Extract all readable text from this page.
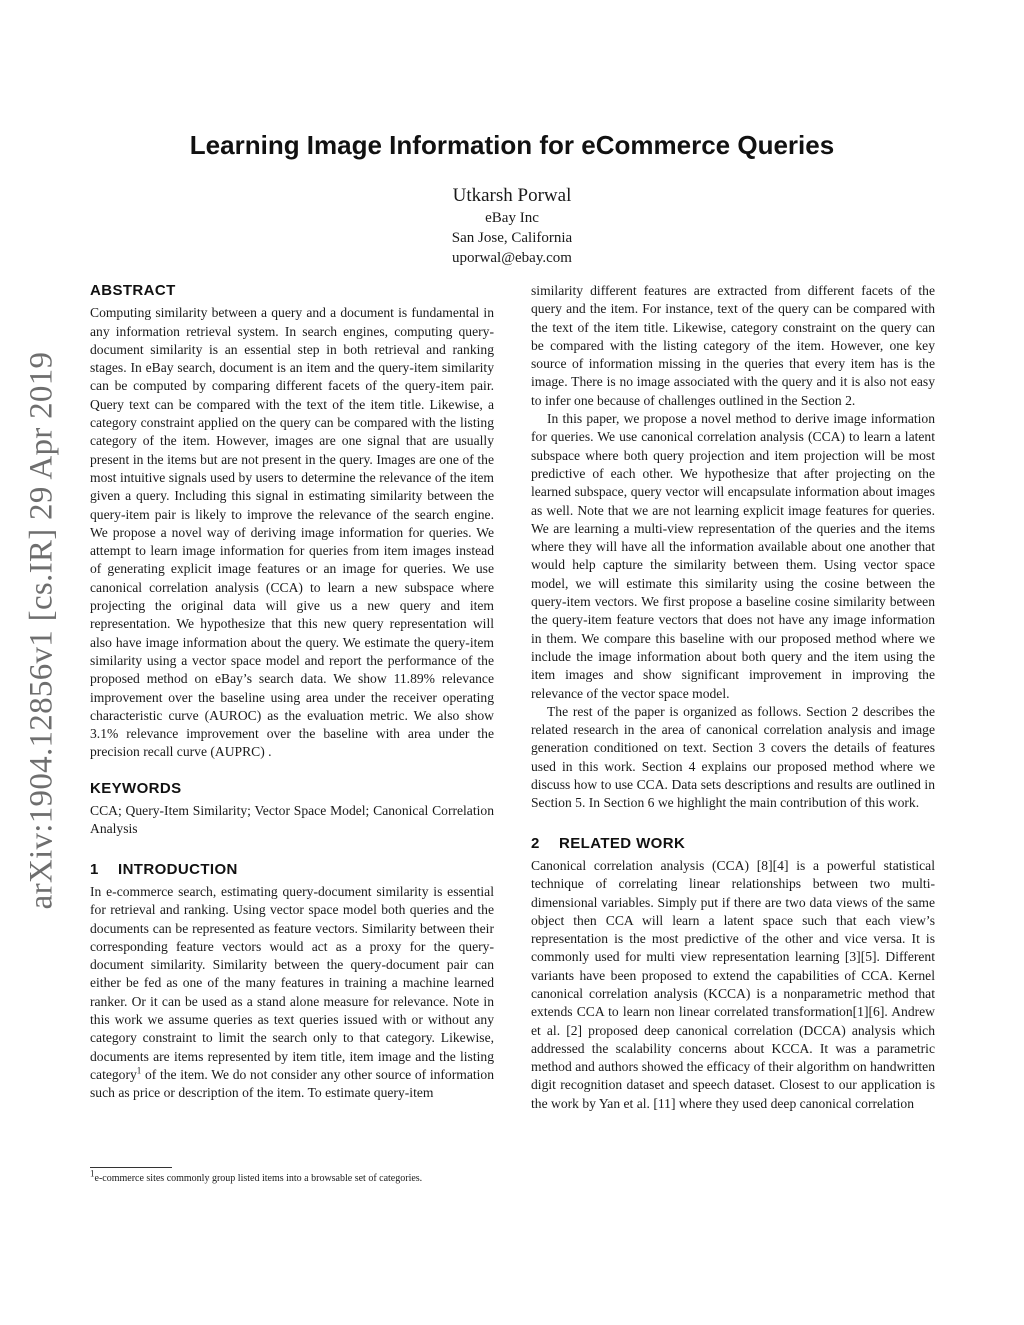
arXiv:1904.12856v1 [cs.IR] 29 Apr 2019
Learning Image Information for eCommerce Queries
Utkarsh Porwal
eBay Inc
San Jose, California
uporwal@ebay.com
ABSTRACT

Computing similarity between a query and a document is fundamental in any information retrieval system. In search engines, computing query-document similarity is an essential step in both retrieval and ranking stages. In eBay search, document is an item and the query-item similarity can be computed by comparing different facets of the query-item pair. Query text can be compared with the text of the item title. Likewise, a category constraint applied on the query can be compared with the listing category of the item. However, images are one signal that are usually present in the items but are not present in the query. Images are one of the most intuitive signals used by users to determine the relevance of the item given a query. Including this signal in estimating similarity between the query-item pair is likely to improve the relevance of the search engine. We propose a novel way of deriving image information for queries. We attempt to learn image information for queries from item images instead of generating explicit image features or an image for queries. We use canonical correlation analysis (CCA) to learn a new subspace where projecting the original data will give us a new query and item representation. We hypothesize that this new query representation will also have image information about the query. We estimate the query-item similarity using a vector space model and report the performance of the proposed method on eBay’s search data. We show 11.89% relevance improvement over the baseline using area under the receiver operating characteristic curve (AUROC) as the evaluation metric. We also show 3.1% relevance improvement over the baseline with area under the precision recall curve (AUPRC) .

KEYWORDS

CCA; Query-Item Similarity; Vector Space Model; Canonical Correlation Analysis

1 INTRODUCTION

In e-commerce search, estimating query-document similarity is essential for retrieval and ranking. Using vector space model both queries and the documents can be represented as feature vectors. Similarity between their corresponding feature vectors would act as a proxy for the query-document similarity. Similarity between the query-document pair can either be fed as one of the many features in training a machine learned ranker. Or it can be used as a stand alone measure for relevance. Note in this work we assume queries as text queries issued with or without any category constraint to limit the search only to that category. Likewise, documents are items represented by item title, item image and the listing category$^1$ of the item. We do not consider any other source of information such as price or description of the item. To estimate query-item

$^1$e-commerce sites commonly group listed items into a browsable set of categories.

similarity different features are extracted from different facets of the query and the item. For instance, text of the query can be compared with the text of the item title. Likewise, category constraint on the query can be compared with the listing category of the item. However, one key source of information missing in the queries that every item has is the image. There is no image associated with the query and it is also not easy to infer one because of challenges outlined in the Section 2.

In this paper, we propose a novel method to derive image information for queries. We use canonical correlation analysis (CCA) to learn a latent subspace where both query projection and item projection will be most predictive of each other. We hypothesize that after projecting on the learned subspace, query vector will encapsulate information about images as well. Note that we are not learning explicit image features for queries. We are learning a multi-view representation of the queries and the items where they will have all the information available about one another that would help capture the similarity between them. Using vector space model, we will estimate this similarity using the cosine between the query-item vectors. We first propose a baseline cosine similarity between the query-item feature vectors that does not have any image information in them. We compare this baseline with our proposed method where we include the image information about both query and the item using the item images and show significant improvement in improving the relevance of the vector space model.

The rest of the paper is organized as follows. Section 2 describes the related research in the area of canonical correlation analysis and image generation conditioned on text. Section 3 covers the details of features used in this work. Section 4 explains our proposed method where we discuss how to use CCA. Data sets descriptions and results are outlined in Section 5. In Section 6 we highlight the main contribution of this work.

2 RELATED WORK

Canonical correlation analysis (CCA) [8][4] is a powerful statistical technique of correlating linear relationships between two multi-dimensional variables. Simply put if there are two data views of the same object then CCA will learn a latent space such that each view’s representation is the most predictive of the other and vice versa. It is commonly used for multi view representation learning [3][5]. Different variants have been proposed to extend the capabilities of CCA. Kernel canonical correlation analysis (KCCA) is a nonparametric method that extends CCA to learn non linear correlated transformation[1][6]. Andrew et al. [2] proposed deep canonical correlation (DCCA) analysis which addressed the scalability concerns about KCCA. It was a parametric method and authors showed the efficacy of their algorithm on handwritten digit recognition dataset and speech dataset. Closest to our application is the work by Yan et al. [11] where they used deep canonical correlation
